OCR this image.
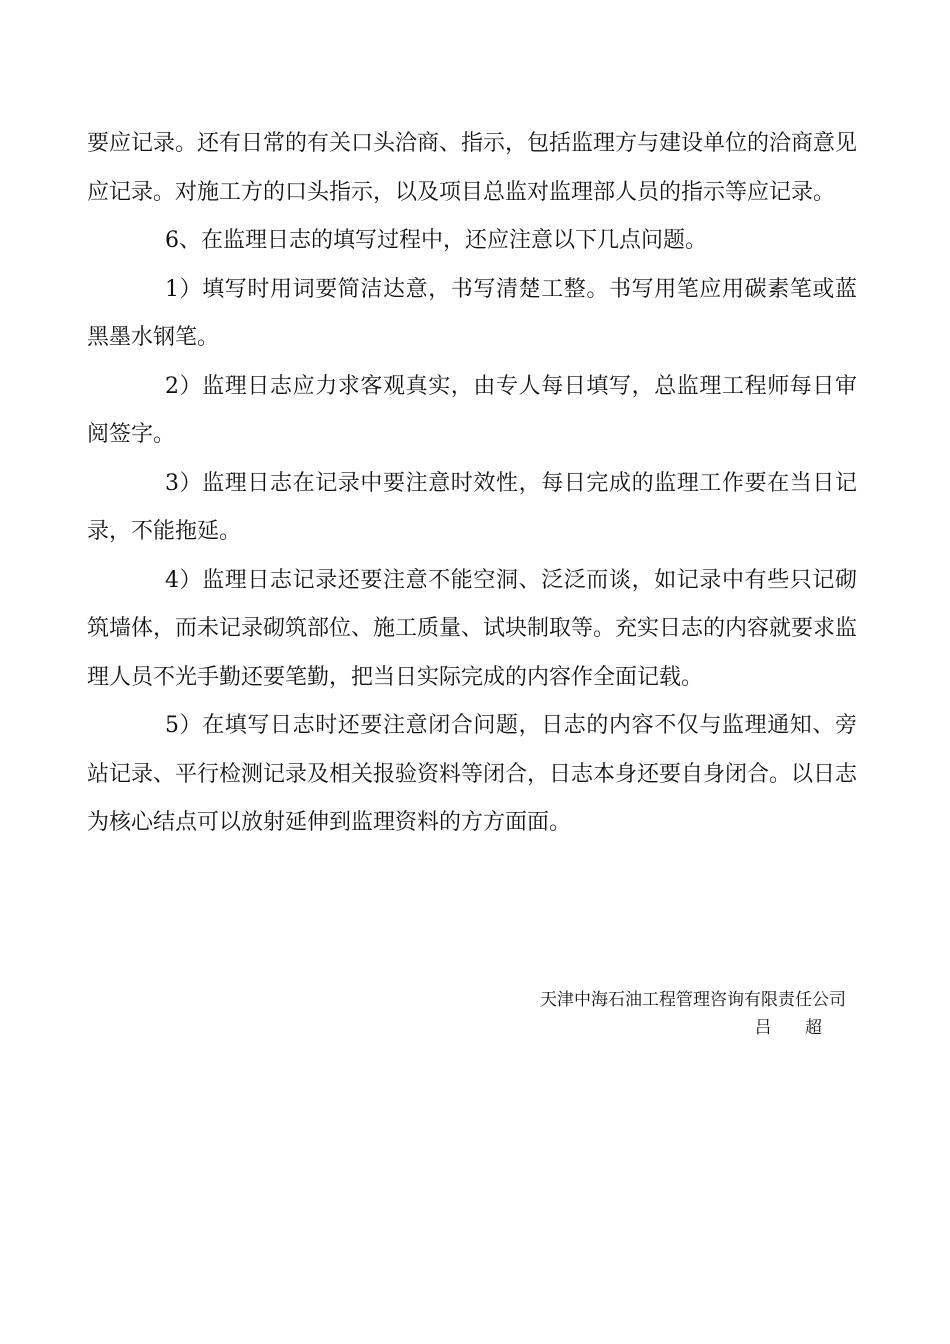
要应记录。还有日常的有关口头洽商、指示，包括监理方与建设单位的洽商意见应记录。对施工方的口头指示，以及项目总监对监理部人员的指示等应记录。

6、在监理日志的填写过程中，还应注意以下几点问题。

1）填写时用词要简洁达意，书写清楚工整。书写用笔应用碳素笔或蓝黑墨水钢笔。

2）监理日志应力求客观真实，由专人每日填写，总监理工程师每日审阅签字。

3）监理日志在记录中要注意时效性，每日完成的监理工作要在当日记录，不能拖延。

4）监理日志记录还要注意不能空洞、泛泛而谈，如记录中有些只记砌筑墙体，而未记录砌筑部位、施工质量、试块制取等。充实日志的内容就要求监理人员不光手勤还要笔勤，把当日实际完成的内容作全面记载。

5）在填写日志时还要注意闭合问题，日志的内容不仅与监理通知、旁站记录、平行检测记录及相关报验资料等闭合，日志本身还要自身闭合。以日志为核心结点可以放射延伸到监理资料的方方面面。

天津中海石油工程管理咨询有限责任公司
吕 超
